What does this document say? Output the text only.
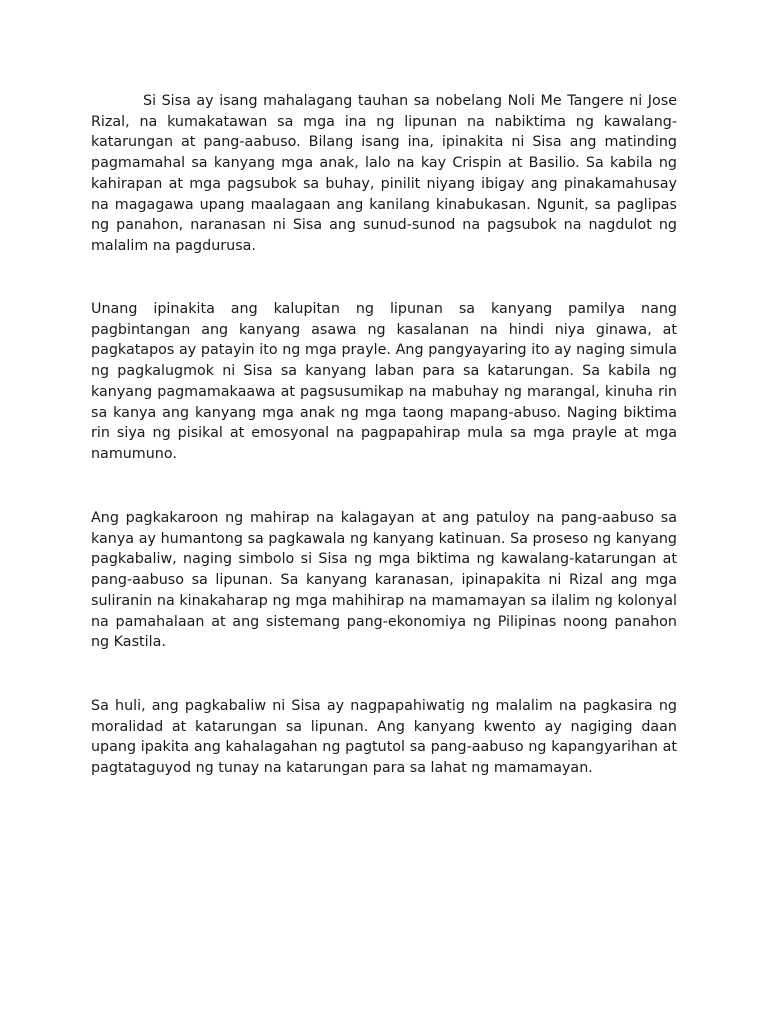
Si Sisa ay isang mahalagang tauhan sa nobelang Noli Me Tangere ni Jose Rizal, na kumakatawan sa mga ina ng lipunan na nabiktima ng kawalang-katarungan at pang-aabuso. Bilang isang ina, ipinakita ni Sisa ang matinding pagmamahal sa kanyang mga anak, lalo na kay Crispin at Basilio. Sa kabila ng kahirapan at mga pagsubok sa buhay, pinilit niyang ibigay ang pinakamahusay na magagawa upang maalagaan ang kanilang kinabukasan. Ngunit, sa paglipas ng panahon, naranasan ni Sisa ang sunud-sunod na pagsubok na nagdulot ng malalim na pagdurusa.

Unang ipinakita ang kalupitan ng lipunan sa kanyang pamilya nang pagbintangan ang kanyang asawa ng kasalanan na hindi niya ginawa, at pagkatapos ay patayin ito ng mga prayle. Ang pangyayaring ito ay naging simula ng pagkalugmok ni Sisa sa kanyang laban para sa katarungan. Sa kabila ng kanyang pagmamakaawa at pagsusumikap na mabuhay ng marangal, kinuha rin sa kanya ang kanyang mga anak ng mga taong mapang-abuso. Naging biktima rin siya ng pisikal at emosyonal na pagpapahirap mula sa mga prayle at mga namumuno.

Ang pagkakaroon ng mahirap na kalagayan at ang patuloy na pang-aabuso sa kanya ay humantong sa pagkawala ng kanyang katinuan. Sa proseso ng kanyang pagkabaliw, naging simbolo si Sisa ng mga biktima ng kawalang-katarungan at pang-aabuso sa lipunan. Sa kanyang karanasan, ipinapakita ni Rizal ang mga suliranin na kinakaharap ng mga mahihirap na mamamayan sa ilalim ng kolonyal na pamahalaan at ang sistemang pang-ekonomiya ng Pilipinas noong panahon ng Kastila.

Sa huli, ang pagkabaliw ni Sisa ay nagpapahiwatig ng malalim na pagkasira ng moralidad at katarungan sa lipunan. Ang kanyang kwento ay nagiging daan upang ipakita ang kahalagahan ng pagtutol sa pang-aabuso ng kapangyarihan at pagtataguyod ng tunay na katarungan para sa lahat ng mamamayan.
